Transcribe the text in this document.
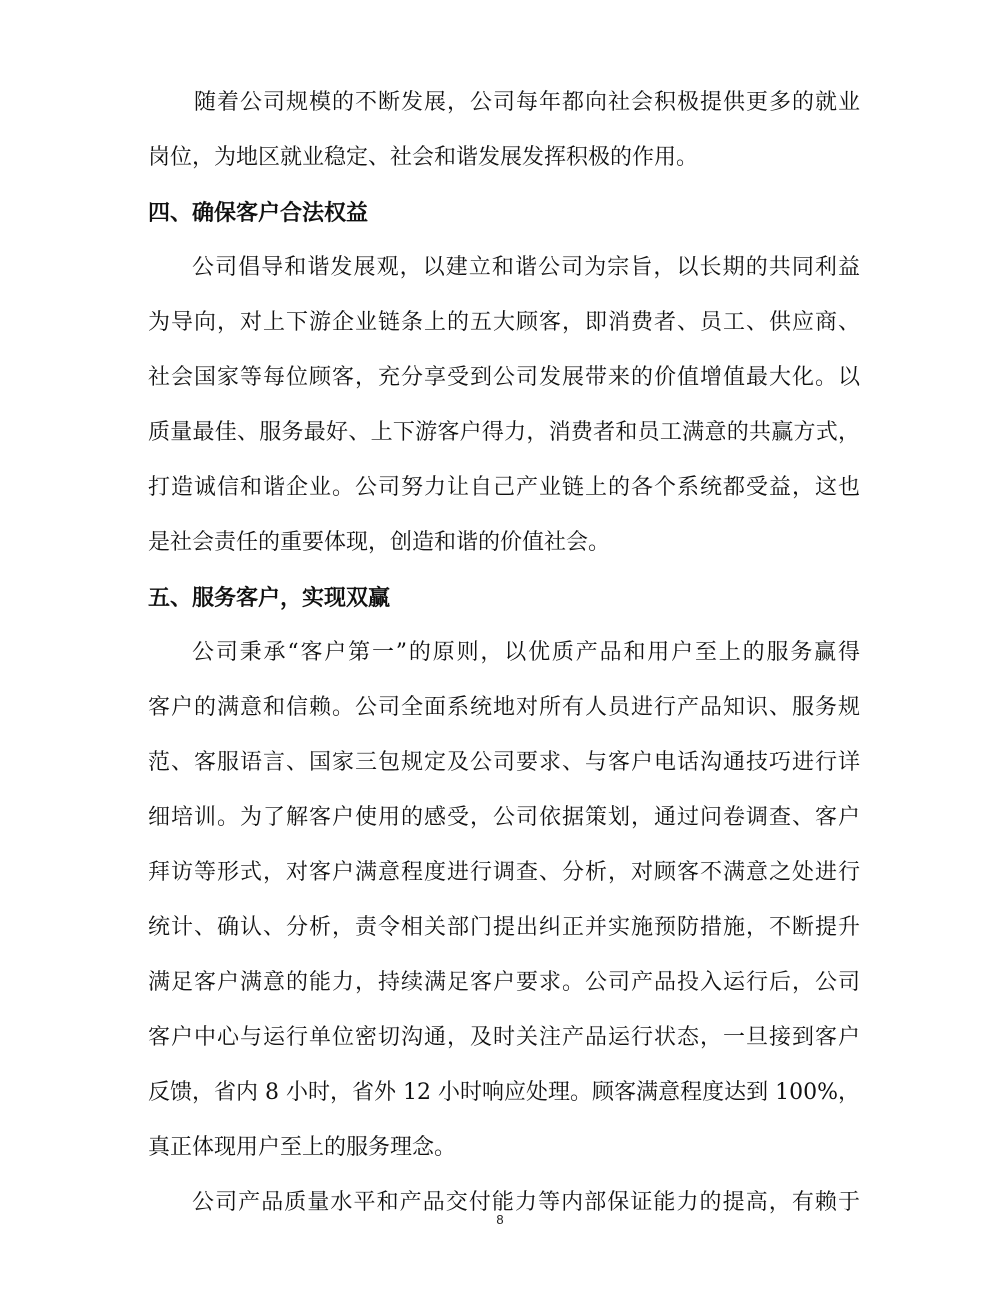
随着公司规模的不断发展，公司每年都向社会积极提供更多的就业
岗位，为地区就业稳定、社会和谐发展发挥积极的作用。
四、确保客户合法权益
公司倡导和谐发展观，以建立和谐公司为宗旨，以长期的共同利益
为导向，对上下游企业链条上的五大顾客，即消费者、员工、供应商、
社会国家等每位顾客，充分享受到公司发展带来的价值增值最大化。以
质量最佳、服务最好、上下游客户得力，消费者和员工满意的共赢方式，
打造诚信和谐企业。公司努力让自己产业链上的各个系统都受益，这也
是社会责任的重要体现，创造和谐的价值社会。
五、服务客户，实现双赢
公司秉承“客户第一”的原则，以优质产品和用户至上的服务赢得
客户的满意和信赖。公司全面系统地对所有人员进行产品知识、服务规
范、客服语言、国家三包规定及公司要求、与客户电话沟通技巧进行详
细培训。为了解客户使用的感受，公司依据策划，通过问卷调查、客户
拜访等形式，对客户满意程度进行调查、分析，对顾客不满意之处进行
统计、确认、分析，责令相关部门提出纠正并实施预防措施，不断提升
满足客户满意的能力，持续满足客户要求。公司产品投入运行后，公司
客户中心与运行单位密切沟通，及时关注产品运行状态，一旦接到客户
反馈，省内 8 小时，省外 12 小时响应处理。顾客满意程度达到 100%，
真正体现用户至上的服务理念。
公司产品质量水平和产品交付能力等内部保证能力的提高，有赖于
8
